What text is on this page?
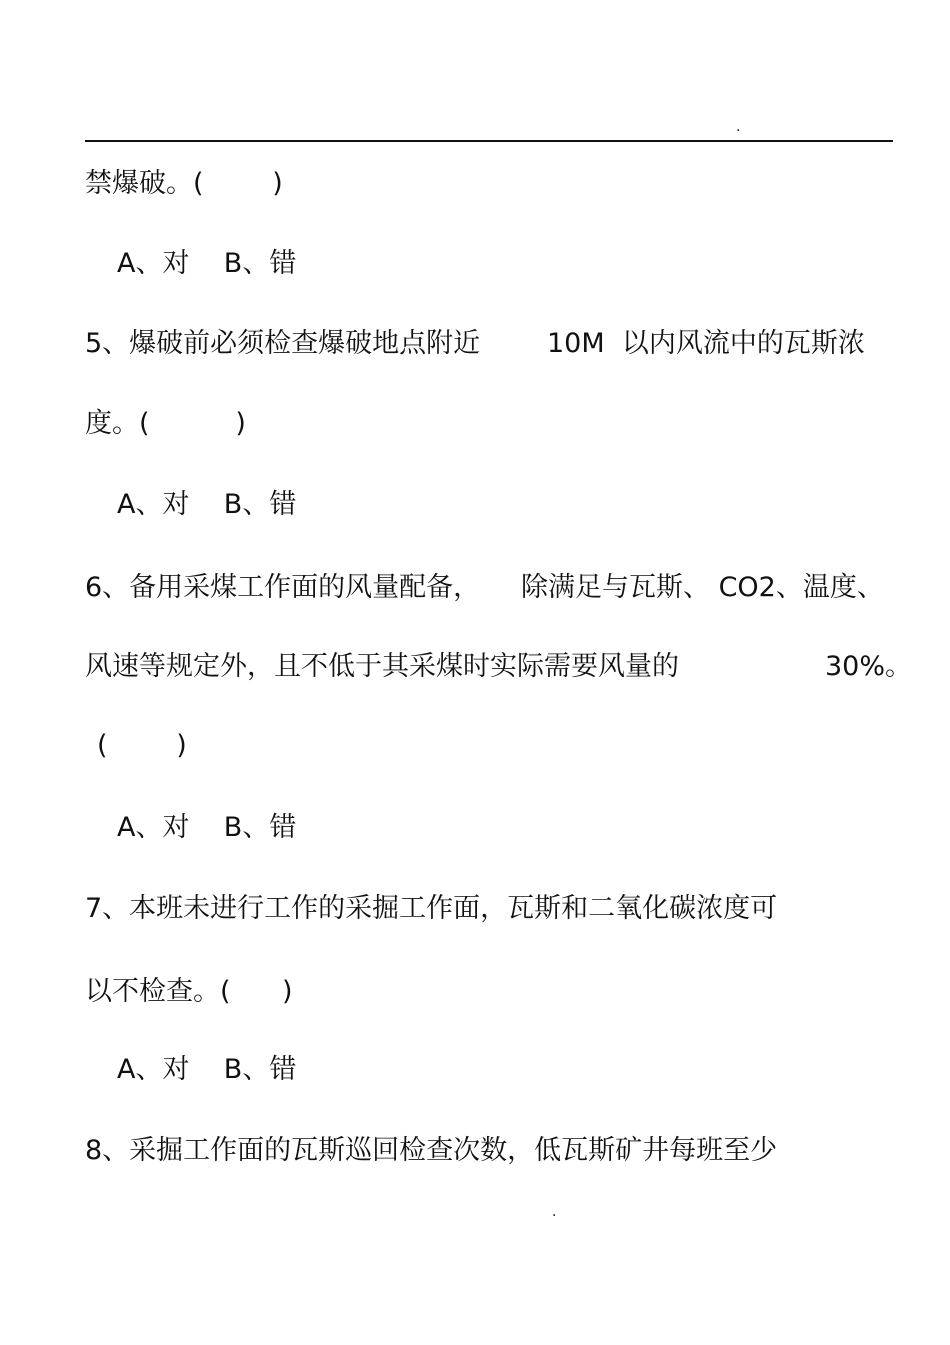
.
禁爆破。(        )
A、对    B、错

5、爆破前必须检查爆破地点附近

10M  以内风流中的瓦斯浓

度。(          )
A、对    B、错

6、备用采煤工作面的风量配备，

除满足与瓦斯、 CO2、温度、

风速等规定外，且不低于其采煤时实际需要风量的

	30%。

(        )
A、对    B、错
7、本班未进行工作的采掘工作面，瓦斯和二氧化碳浓度可
以不检查。(      )
A、对    B、错
8、采掘工作面的瓦斯巡回检查次数，低瓦斯矿井每班至少
.
